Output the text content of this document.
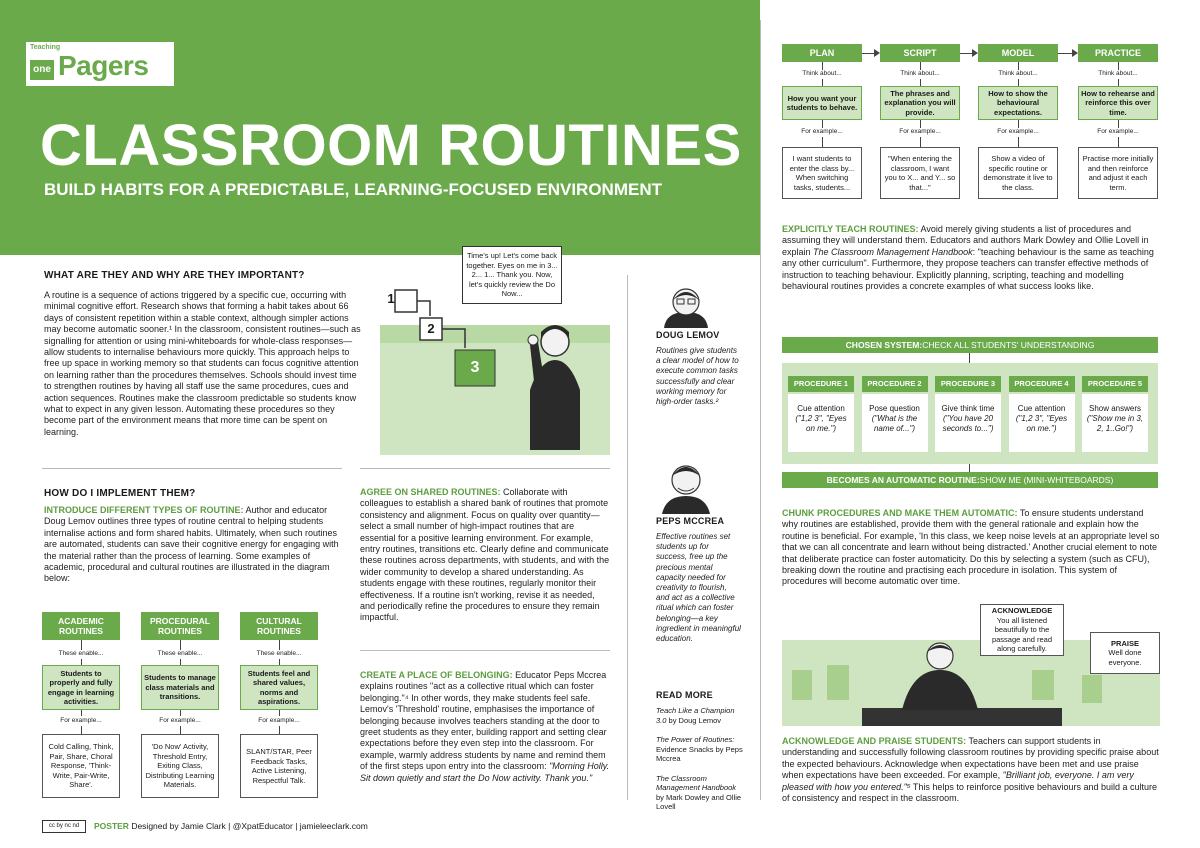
Teaching
one Pagers
CLASSROOM ROUTINES
BUILD HABITS FOR A PREDICTABLE, LEARNING-FOCUSED ENVIRONMENT
WHAT ARE THEY AND WHY ARE THEY IMPORTANT?
A routine is a sequence of actions triggered by a specific cue, occurring with minimal cognitive effort. Research shows that forming a habit takes about 66 days of consistent repetition within a stable context, although simpler actions may become automatic sooner.¹ In the classroom, consistent routines—such as signalling for attention or using mini-whiteboards for whole-class responses—allow students to internalise behaviours more quickly. This approach helps to free up space in working memory so that students can focus cognitive attention on learning rather than the procedures themselves. Schools should invest time to strengthen routines by having all staff use the same procedures, cues and action sequences. Routines make the classroom predictable so students know what to expect in any given lesson. Automating these procedures so they become part of the environment means that more time can be spent on learning.
1
2
3
Time's up! Let's come back together. Eyes on me in 3... 2... 1... Thank you. Now, let's quickly review the Do Now...
HOW DO I IMPLEMENT THEM?
INTRODUCE DIFFERENT TYPES OF ROUTINE: Author and educator Doug Lemov outlines three types of routine central to helping students internalise actions and form shared habits. Ultimately, when such routines are automated, students can save their cognitive energy for engaging with the material rather than the process of learning. Some examples of academic, procedural and cultural routines are illustrated in the diagram below:
ACADEMIC ROUTINES
These enable...
Students to properly and fully engage in learning activities.
For example...
Cold Calling, Think, Pair, Share, Choral Response, 'Think-Write, Pair-Write, Share'.
PROCEDURAL ROUTINES
These enable...
Students to manage class materials and transitions.
For example...
'Do Now' Activity, Threshold Entry, Exiting Class, Distributing Learning Materials.
CULTURAL ROUTINES
These enable...
Students feel and shared values, norms and aspirations.
For example...
SLANT/STAR, Peer Feedback Tasks, Active Listening, Respectful Talk.
AGREE ON SHARED ROUTINES: Collaborate with colleagues to establish a shared bank of routines that promote consistency and alignment. Focus on quality over quantity—select a small number of high-impact routines that are essential for a positive learning environment. For example, entry routines, transitions etc. Clearly define and communicate these routines across departments, with students, and with the wider community to develop a shared understanding. As students engage with these routines, regularly monitor their effectiveness. If a routine isn't working, revise it as needed, and periodically refine the procedures to ensure they remain impactful.
CREATE A PLACE OF BELONGING: Educator Peps Mccrea explains routines "act as a collective ritual which can foster belonging."⁴ In other words, they make students feel safe. Lemov's 'Threshold' routine, emphasises the importance of belonging because involves teachers standing at the door to greet students as they enter, building rapport and setting clear expectations before they even step into the classroom. For example, warmly address students by name and remind them of the first steps upon entry into the classroom: "Morning Holly. Sit down quietly and start the Do Now activity. Thank you."
DOUG LEMOV
Routines give students a clear model of how to execute common tasks successfully and clear working memory for high-order tasks.²
PEPS MCCREA
Effective routines set students up for success, free up the precious mental capacity needed for creativity to flourish, and act as a collective ritual which can foster belonging—a key ingredient in meaningful education.
READ MORE
Teach Like a Champion 3.0 by Doug Lemov
The Power of Routines: Evidence Snacks by Peps Mccrea
The Classroom Management Handbook by Mark Dowley and Ollie Lovell
PLAN
Think about...
How you want your students to behave.
For example...
I want students to enter the class by... When switching tasks, students...
SCRIPT
Think about...
The phrases and explanation you will provide.
For example...
"When entering the classroom, I want you to X... and Y... so that..."
MODEL
Think about...
How to show the behavioural expectations.
For example...
Show a video of specific routine or demonstrate it live to the class.
PRACTICE
Think about...
How to rehearse and reinforce this over time.
For example...
Practise more initially and then reinforce and adjust it each term.
EXPLICITLY TEACH ROUTINES: Avoid merely giving students a list of procedures and assuming they will understand them. Educators and authors Mark Dowley and Ollie Lovell in explain The Classroom Management Handbook: "teaching behaviour is the same as teaching any other curriculum". Furthermore, they propose teachers can transfer effective methods of instruction to teaching behaviour. Explicitly planning, scripting, teaching and modelling behavioural routines provides a concrete examples of what success looks like.
CHOSEN SYSTEM: CHECK ALL STUDENTS' UNDERSTANDING
PROCEDURE 1
Cue attention
("1,2 3", "Eyes on me.")
PROCEDURE 2
Pose question
("What is the name of...")
PROCEDURE 3
Give think time
("You have 20 seconds to...")
PROCEDURE 4
Cue attention
("1,2 3", "Eyes on me.")
PROCEDURE 5
Show answers
("Show me in 3, 2, 1..Go!")
BECOMES AN AUTOMATIC ROUTINE: SHOW ME (MINI-WHITEBOARDS)
CHUNK PROCEDURES AND MAKE THEM AUTOMATIC: To ensure students understand why routines are established, provide them with the general rationale and explain how the routine is beneficial. For example, 'In this class, we keep noise levels at an appropriate level so that we can all concentrate and learn without being distracted.' Another crucial element to note that deliberate practice can foster automaticity. Do this by selecting a system (such as CFU), breaking down the routine and practising each procedure in isolation. This system of procedures will become automatic over time.
ACKNOWLEDGE
You all listened beautifully to the passage and read along carefully.
PRAISE
Well done everyone.
ACKNOWLEDGE AND PRAISE STUDENTS: Teachers can support students in understanding and successfully following classroom routines by providing specific praise about the expected behaviours. Acknowledge when expectations have been met and use praise when expectations have been exceeded. For example, "Brilliant job, everyone. I am very pleased with how you entered."⁵ This helps to reinforce positive behaviours and build a culture of consistency and respect in the classroom.
cc by nc nd	POSTER Designed by Jamie Clark | @XpatEducator | jamieleeclark.com
